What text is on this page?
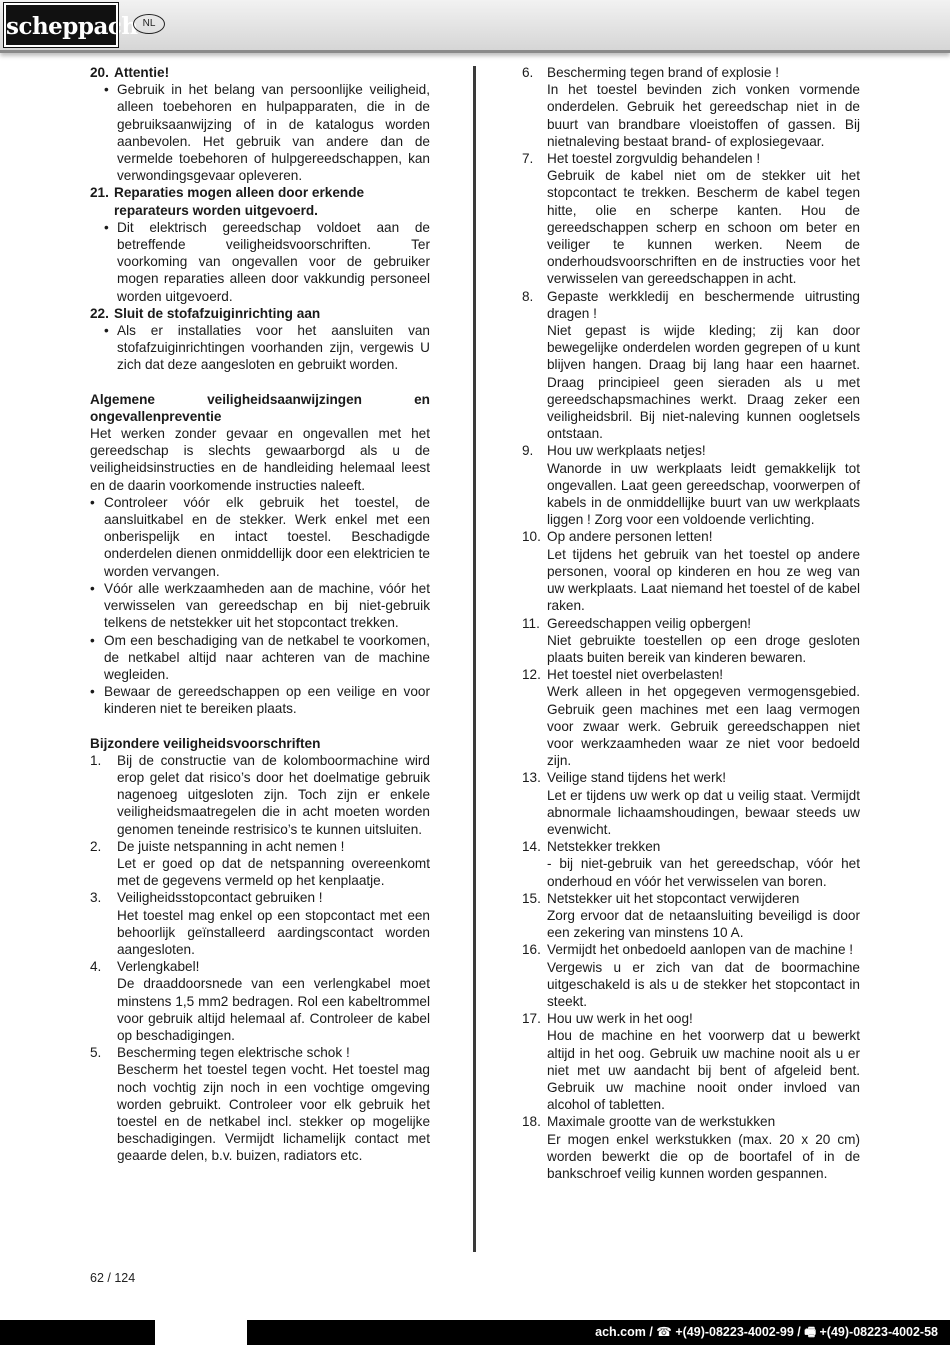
scheppach NL
20. Attentie!
• Gebruik in het belang van persoonlijke veiligheid, alleen toebehoren en hulpapparaten, die in de gebruiksaanwijzing of in de katalogus worden aanbevolen. Het gebruik van andere dan de vermelde toebehoren of hulpgereedschappen, kan verwondingsgevaar opleveren.
21. Reparaties mogen alleen door erkende reparateurs worden uitgevoerd.
• Dit elektrisch gereedschap voldoet aan de betreffende veiligheidsvoorschriften. Ter voorkoming van ongevallen voor de gebruiker mogen reparaties alleen door vakkundig personeel worden uitgevoerd.
22. Sluit de stofafzuiginrichting aan
• Als er installaties voor het aansluiten van stofafzuiginrichtingen voorhanden zijn, vergewis U zich dat deze aangesloten en gebruikt worden.

Algemene veiligheidsaanwijzingen en ongevallenpreventie

Het werken zonder gevaar en ongevallen met het gereedschap is slechts gewaarborgd als u de veiligheidsinstructies en de handleiding helemaal leest en de daarin voorkomende instructies naleeft.

• Controleer vóór elk gebruik het toestel, de aansluitkabel en de stekker. Werk enkel met een onberispelijk en intact toestel. Beschadigde onderdelen dienen onmiddellijk door een elektricien te worden vervangen.
• Vóór alle werkzaamheden aan de machine, vóór het verwisselen van gereedschap en bij niet-gebruik telkens de netstekker uit het stopcontact trekken.
• Om een beschadiging van de netkabel te voorkomen, de netkabel altijd naar achteren van de machine wegleiden.
• Bewaar de gereedschappen op een veilige en voor kinderen niet te bereiken plaats.

Bijzondere veiligheidsvoorschriften

1.	Bij de constructie van de kolomboormachine wird erop gelet dat risico’s door het doelmatige gebruik nagenoeg uitgesloten zijn. Toch zijn er enkele veiligheidsmaatregelen die in acht moeten worden genomen teneinde restrisico’s te kunnen uitsluiten.
2.	De juiste netspanning in acht nemen !
Let er goed op dat de netspanning overeenkomt met de gegevens vermeld op het kenplaatje.
3.	Veiligheidsstopcontact gebruiken !
Het toestel mag enkel op een stopcontact met een behoorlijk geïnstalleerd aardingscontact worden aangesloten.
4.	Verlengkabel!
De draaddoorsnede van een verlengkabel moet minstens 1,5 mm2 bedragen. Rol een kabeltrommel voor gebruik altijd helemaal af. Controleer de kabel op beschadigingen.
5.	Bescherming tegen elektrische schok !
Bescherm het toestel tegen vocht. Het toestel mag noch vochtig zijn noch in een vochtige omgeving worden gebruikt. Controleer voor elk gebruik het toestel en de netkabel incl. stekker op mogelijke beschadigingen. Vermijdt lichamelijk contact met geaarde delen, b.v. buizen, radiators etc.
6.	Bescherming tegen brand of explosie !
In het toestel bevinden zich vonken vormende onderdelen. Gebruik het gereedschap niet in de buurt van brandbare vloeistoffen of gassen. Bij nietnaleving bestaat brand- of explosiegevaar.
7.	Het toestel zorgvuldig behandelen !
Gebruik de kabel niet om de stekker uit het stopcontact te trekken. Bescherm de kabel tegen hitte, olie en scherpe kanten. Hou de gereedschappen scherp en schoon om beter en veiliger te kunnen werken. Neem de onderhoudsvoorschriften en de instructies voor het verwisselen van gereedschappen in acht.
8.	Gepaste werkkledij en beschermende uitrusting dragen !
Niet gepast is wijde kleding; zij kan door bewegelijke onderdelen worden gegrepen of u kunt blijven hangen. Draag bij lang haar een haarnet. Draag principieel geen sieraden als u met gereedschapsmachines werkt. Draag zeker een veiligheidsbril. Bij niet-naleving kunnen oogletsels ontstaan.
9.	Hou uw werkplaats netjes!
Wanorde in uw werkplaats leidt gemakkelijk tot ongevallen. Laat geen gereedschap, voorwerpen of kabels in de onmiddellijke buurt van uw werkplaats liggen ! Zorg voor een voldoende verlichting.
10. Op andere personen letten!
Let tijdens het gebruik van het toestel op andere personen, vooral op kinderen en hou ze weg van uw werkplaats. Laat niemand het toestel of de kabel raken.
11. Gereedschappen veilig opbergen!
Niet gebruikte toestellen op een droge gesloten plaats buiten bereik van kinderen bewaren.
12. Het toestel niet overbelasten!
Werk alleen in het opgegeven vermogensgebied. Gebruik geen machines met een laag vermogen voor zwaar werk. Gebruik gereedschappen niet voor werkzaamheden waar ze niet voor bedoeld zijn.
13. Veilige stand tijdens het werk!
Let er tijdens uw werk op dat u veilig staat. Vermijdt abnormale lichaamshoudingen, bewaar steeds uw evenwicht.
14. Netstekker trekken
- bij niet-gebruik van het gereedschap, vóór het onderhoud en vóór het verwisselen van boren.
15. Netstekker uit het stopcontact verwijderen
Zorg ervoor dat de netaansluiting beveiligd is door een zekering van minstens 10 A.
16. Vermijdt het onbedoeld aanlopen van de machine !
Vergewis u er zich van dat de boormachine uitgeschakeld is als u de stekker het stopcontact in steekt.
17. Hou uw werk in het oog!
Hou de machine en het voorwerp dat u bewerkt altijd in het oog. Gebruik uw machine nooit als u er niet met uw aandacht bij bent of afgeleid bent. Gebruik uw machine nooit onder invloed van alcohol of tabletten.
18. Maximale grootte van de werkstukken
Er mogen enkel werkstukken (max. 20 x 20 cm) worden bewerkt die op de boortafel of in de bankschroef veilig kunnen worden gespannen.
62 / 124
ach.com / ☎ +(49)-08223-4002-99 / 🖷 +(49)-08223-4002-58
